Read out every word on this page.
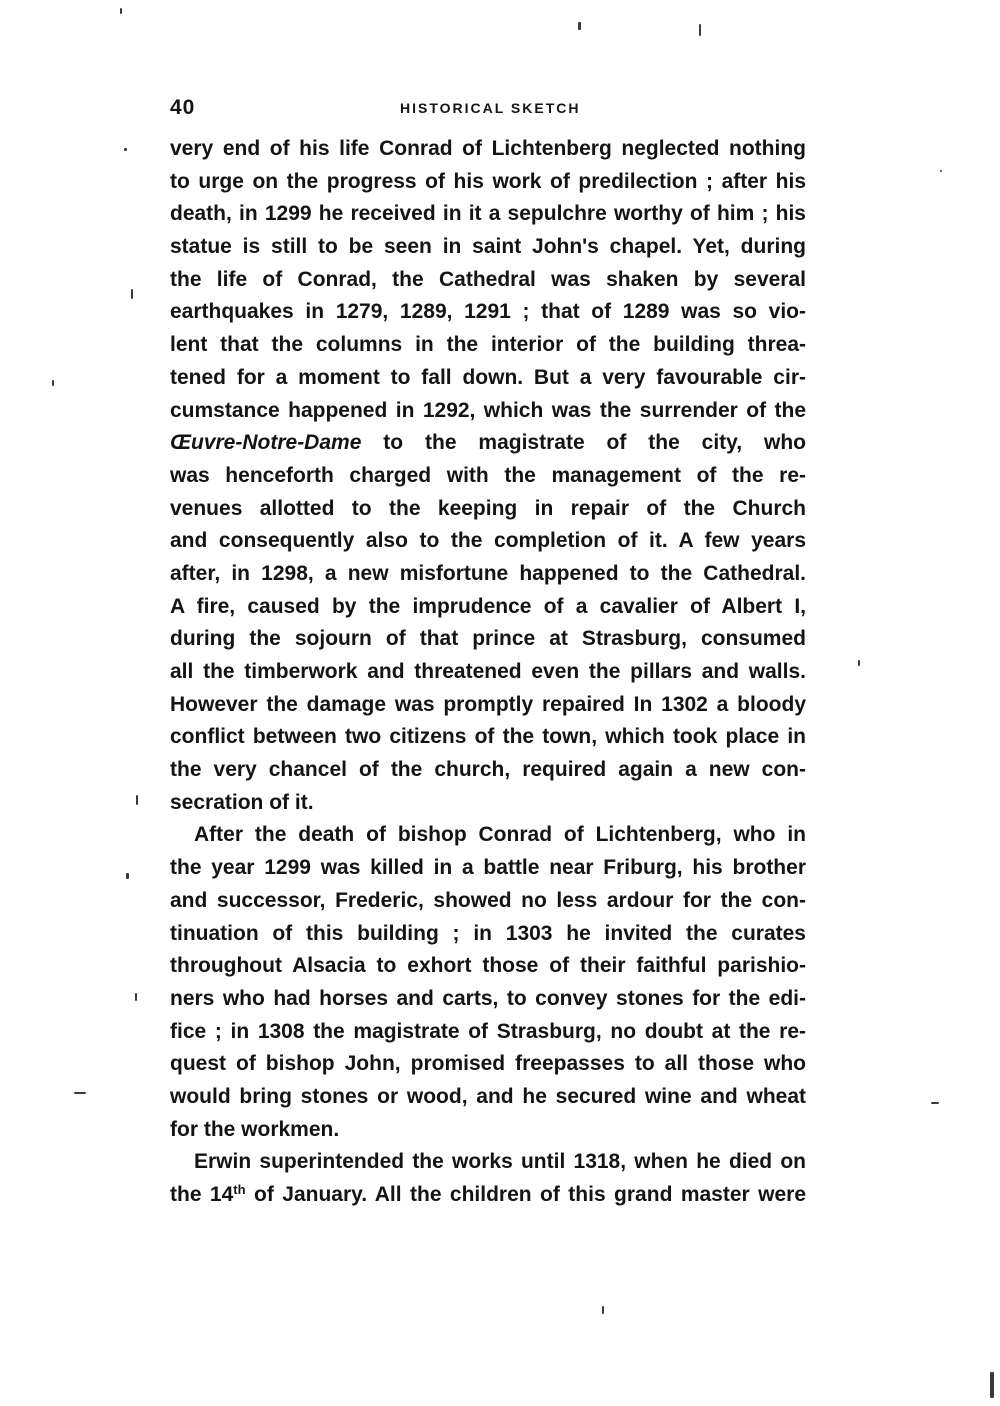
40	HISTORICAL SKETCH
very end of his life Conrad of Lichtenberg neglected nothing
to urge on the progress of his work of predilection ; after his
death, in 1299 he received in it a sepulchre worthy of him ; his
statue is still to be seen in saint John's chapel. Yet, during
the life of Conrad, the Cathedral was shaken by several
earthquakes in 1279, 1289, 1291 ; that of 1289 was so vio-
lent that the columns in the interior of the building threa-
tened for a moment to fall down. But a very favourable cir-
cumstance happened in 1292, which was the surrender of the
Œuvre-Notre-Dame to the magistrate of the city, who
was henceforth charged with the management of the re-
venues allotted to the keeping in repair of the Church
and consequently also to the completion of it. A few years
after, in 1298, a new misfortune happened to the Cathedral.
A fire, caused by the imprudence of a cavalier of Albert I,
during the sojourn of that prince at Strasburg, consumed
all the timberwork and threatened even the pillars and walls.
However the damage was promptly repaired In 1302 a bloody
conflict between two citizens of the town, which took place in
the very chancel of the church, required again a new con-
secration of it.
After the death of bishop Conrad of Lichtenberg, who in
the year 1299 was killed in a battle near Friburg, his brother
and successor, Frederic, showed no less ardour for the con-
tinuation of this building ; in 1303 he invited the curates
throughout Alsacia to exhort those of their faithful parishio-
ners who had horses and carts, to convey stones for the edi-
fice ; in 1308 the magistrate of Strasburg, no doubt at the re-
quest of bishop John, promised freepasses to all those who
would bring stones or wood, and he secured wine and wheat
for the workmen.
Erwin superintended the works until 1318, when he died on
the 14th of January. All the children of this grand master were
